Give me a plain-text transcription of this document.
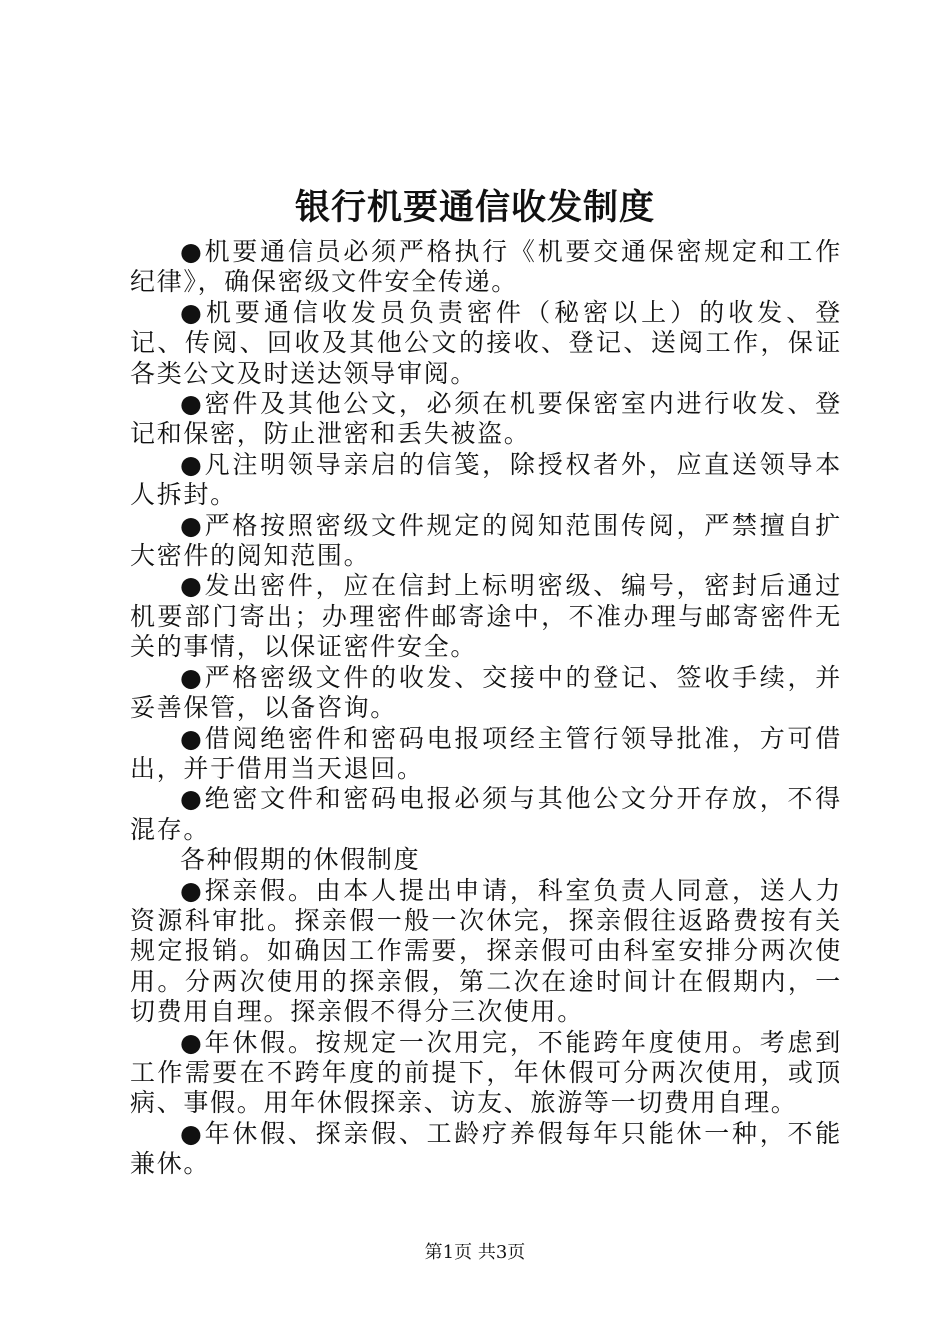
银行机要通信收发制度

●机要通信员必须严格执行《机要交通保密规定和工作纪律》，确保密级文件安全传递。

●机要通信收发员负责密件（秘密以上）的收发、登记、传阅、回收及其他公文的接收、登记、送阅工作，保证各类公文及时送达领导审阅。

●密件及其他公文，必须在机要保密室内进行收发、登记和保密，防止泄密和丢失被盗。

●凡注明领导亲启的信笺，除授权者外，应直送领导本人拆封。

●严格按照密级文件规定的阅知范围传阅，严禁擅自扩大密件的阅知范围。

●发出密件，应在信封上标明密级、编号，密封后通过机要部门寄出；办理密件邮寄途中，不准办理与邮寄密件无关的事情，以保证密件安全。

●严格密级文件的收发、交接中的登记、签收手续，并妥善保管，以备咨询。

●借阅绝密件和密码电报项经主管行领导批准，方可借出，并于借用当天退回。

●绝密文件和密码电报必须与其他公文分开存放，不得混存。

各种假期的休假制度

●探亲假。由本人提出申请，科室负责人同意，送人力资源科审批。探亲假一般一次休完，探亲假往返路费按有关规定报销。如确因工作需要，探亲假可由科室安排分两次使用。分两次使用的探亲假，第二次在途时间计在假期内，一切费用自理。探亲假不得分三次使用。

●年休假。按规定一次用完，不能跨年度使用。考虑到工作需要在不跨年度的前提下，年休假可分两次使用，或顶病、事假。用年休假探亲、访友、旅游等一切费用自理。

●年休假、探亲假、工龄疗养假每年只能休一种，不能兼休。

第1页 共3页
